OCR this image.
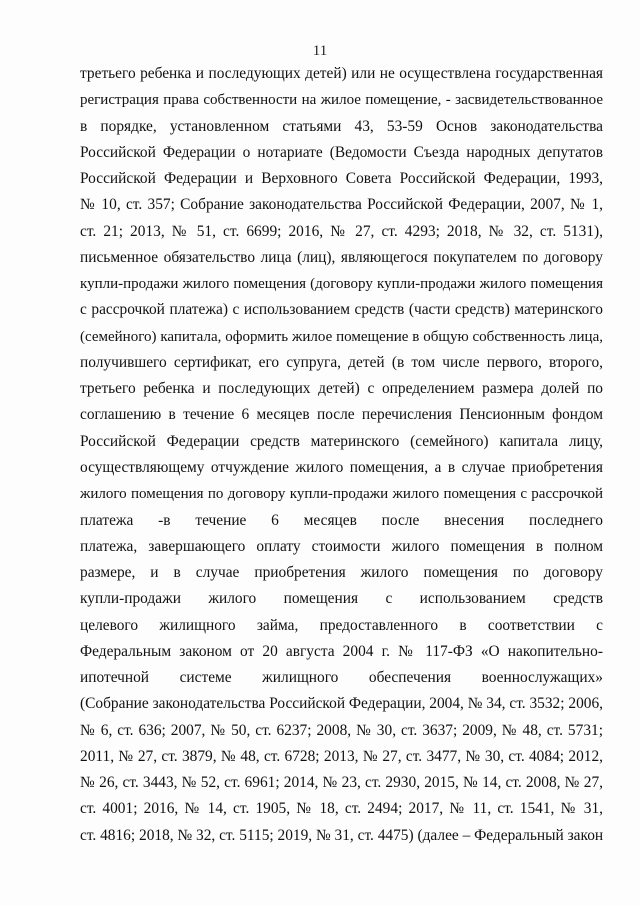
11
третьего ребенка и последующих детей) или не осуществлена государственная
регистрация права собственности на жилое помещение, - засвидетельствованное
в порядке, установленном статьями 43, 53-59 Основ законодательства
Российской Федерации о нотариате (Ведомости Съезда народных депутатов
Российской Федерации и Верховного Совета Российской Федерации, 1993,
№ 10, ст. 357; Собрание законодательства Российской Федерации, 2007, № 1,
ст. 21; 2013, № 51, ст. 6699; 2016, № 27, ст. 4293; 2018, № 32, ст. 5131),
письменное обязательство лица (лиц), являющегося покупателем по договору
купли-продажи жилого помещения (договору купли-продажи жилого помещения
с рассрочкой платежа) с использованием средств (части средств) материнского
(семейного) капитала, оформить жилое помещение в общую собственность лица,
получившего сертификат, его супруга, детей (в том числе первого, второго,
третьего ребенка и последующих детей) с определением размера долей по
соглашению в течение 6 месяцев после перечисления Пенсионным фондом
Российской Федерации средств материнского (семейного) капитала лицу,
осуществляющему отчуждение жилого помещения, а в случае приобретения
жилого помещения по договору купли-продажи жилого помещения с рассрочкой
платежа -в течение 6 месяцев после внесения последнего
платежа, завершающего оплату стоимости жилого помещения в полном
размере, и в случае приобретения жилого помещения по договору
купли-продажи жилого помещения с использованием средств
целевого жилищного займа, предоставленного в соответствии с
Федеральным законом от 20 августа 2004 г. № 117-ФЗ «О накопительно-
ипотечной системе жилищного обеспечения военнослужащих»
(Собрание законодательства Российской Федерации, 2004, № 34, ст. 3532; 2006,
№ 6, ст. 636; 2007, № 50, ст. 6237; 2008, № 30, ст. 3637; 2009, № 48, ст. 5731;
2011, № 27, ст. 3879, № 48, ст. 6728; 2013, № 27, ст. 3477, № 30, ст. 4084; 2012,
№ 26, ст. 3443, № 52, ст. 6961; 2014, № 23, ст. 2930, 2015, № 14, ст. 2008, № 27,
ст. 4001; 2016, № 14, ст. 1905, № 18, ст. 2494; 2017, № 11, ст. 1541, № 31,
ст. 4816; 2018, № 32, ст. 5115; 2019, № 31, ст. 4475) (далее – Федеральный закон
